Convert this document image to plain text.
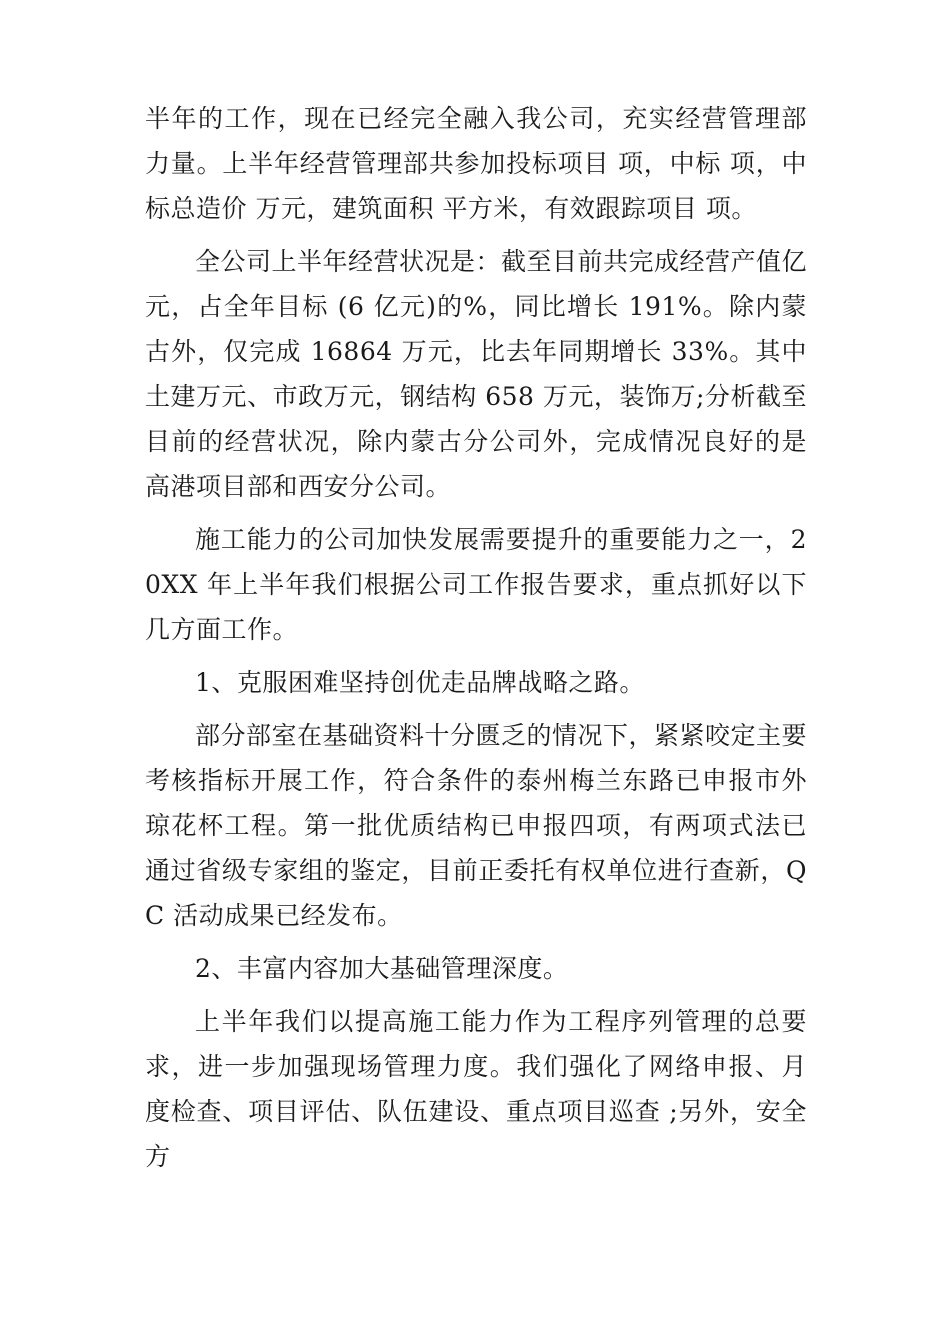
半年的工作，现在已经完全融入我公司，充实经营管理部力量。上半年经营管理部共参加投标项目 项，中标 项，中标总造价 万元，建筑面积 平方米，有效跟踪项目 项。

全公司上半年经营状况是：截至目前共完成经营产值亿元，占全年目标 (6 亿元)的%，同比增长 191%。除内蒙古外，仅完成 16864 万元，比去年同期增长 33%。其中土建万元、市政万元，钢结构 658 万元，装饰万;分析截至目前的经营状况，除内蒙古分公司外，完成情况良好的是高港项目部和西安分公司。

施工能力的公司加快发展需要提升的重要能力之一，20XX 年上半年我们根据公司工作报告要求，重点抓好以下几方面工作。

1、克服困难坚持创优走品牌战略之路。

部分部室在基础资料十分匮乏的情况下，紧紧咬定主要考核指标开展工作，符合条件的泰州梅兰东路已申报市外琼花杯工程。第一批优质结构已申报四项，有两项式法已通过省级专家组的鉴定，目前正委托有权单位进行查新，QC 活动成果已经发布。

2、丰富内容加大基础管理深度。

上半年我们以提高施工能力作为工程序列管理的总要求，进一步加强现场管理力度。我们强化了网络申报、月度检查、项目评估、队伍建设、重点项目巡查 ;另外，安全方
